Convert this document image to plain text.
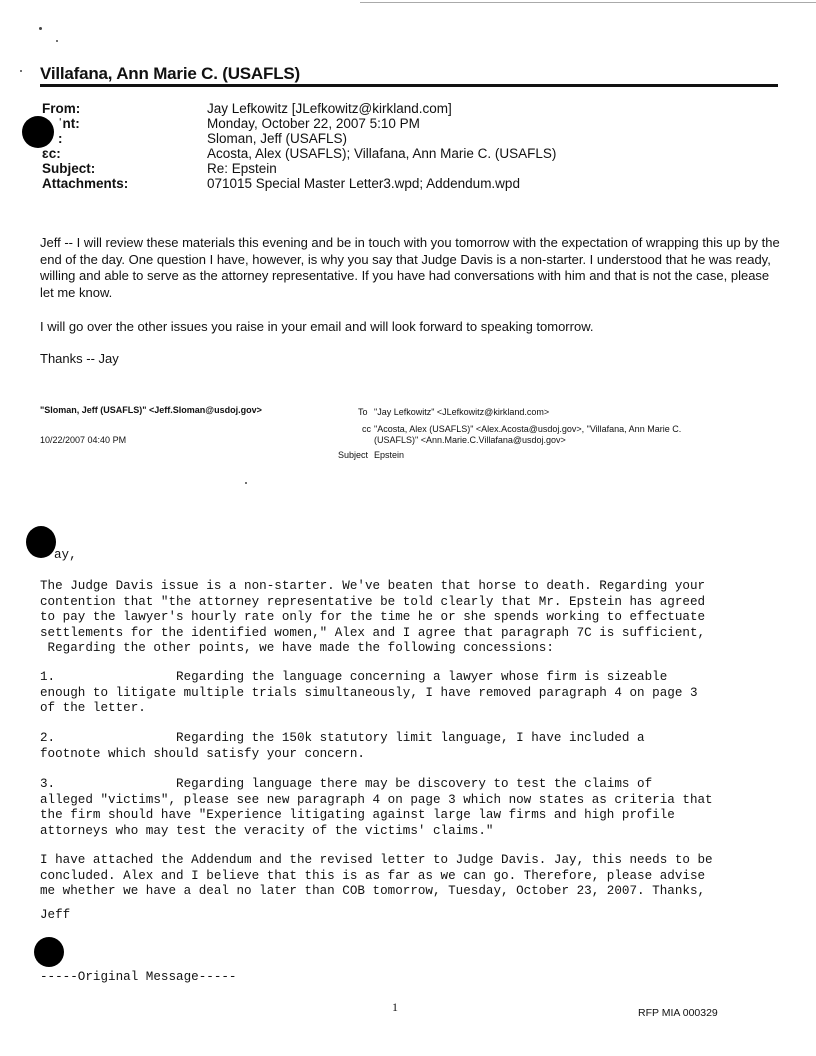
Villafana, Ann Marie C. (USAFLS)
From:	Jay Lefkowitz [JLefkowitz@kirkland.com]
ˈnt:	Monday, October 22, 2007 5:10 PM
:	Sloman, Jeff (USAFLS)
ɛc:	Acosta, Alex (USAFLS); Villafana, Ann Marie C. (USAFLS)
Subject:	Re: Epstein
Attachments:	071015 Special Master Letter3.wpd; Addendum.wpd
Jeff -- I will review these materials this evening and be in touch with you tomorrow with the expectation of wrapping this up by the end of the day. One question I have, however, is why you say that Judge Davis is a non-starter. I understood that he was ready, willing and able to serve as the attorney representative. If you have had conversations with him and that is not the case, please let me know.
I will go over the other issues you raise in your email and will look forward to speaking tomorrow.
Thanks -- Jay
"Sloman, Jeff (USAFLS)" <Jeff.Sloman@usdoj.gov>
10/22/2007 04:40 PM
To "Jay Lefkowitz" <JLefkowitz@kirkland.com>
cc "Acosta, Alex (USAFLS)" <Alex.Acosta@usdoj.gov>, "Villafana, Ann Marie C.
(USAFLS)" <Ann.Marie.C.Villafana@usdoj.gov>
Subject Epstein
ay,
The Judge Davis issue is a non-starter. We've beaten that horse to death. Regarding your
contention that "the attorney representative be told clearly that Mr. Epstein has agreed
to pay the lawyer's hourly rate only for the time he or she spends working to effectuate
settlements for the identified women," Alex and I agree that paragraph 7C is sufficient,
Regarding the other points, we have made the following concessions:
1.                Regarding the language concerning a lawyer whose firm is sizeable
enough to litigate multiple trials simultaneously, I have removed paragraph 4 on page 3
of the letter.
2.                Regarding the 150k statutory limit language, I have included a
footnote which should satisfy your concern.
3.                Regarding language there may be discovery to test the claims of
alleged "victims", please see new paragraph 4 on page 3 which now states as criteria that
the firm should have "Experience litigating against large law firms and high profile
attorneys who may test the veracity of the victims' claims."
I have attached the Addendum and the revised letter to Judge Davis. Jay, this needs to be
concluded. Alex and I believe that this is as far as we can go. Therefore, please advise
me whether we have a deal no later than COB tomorrow, Tuesday, October 23, 2007. Thanks,
Jeff
-----Original Message-----
1	RFP MIA 000329
